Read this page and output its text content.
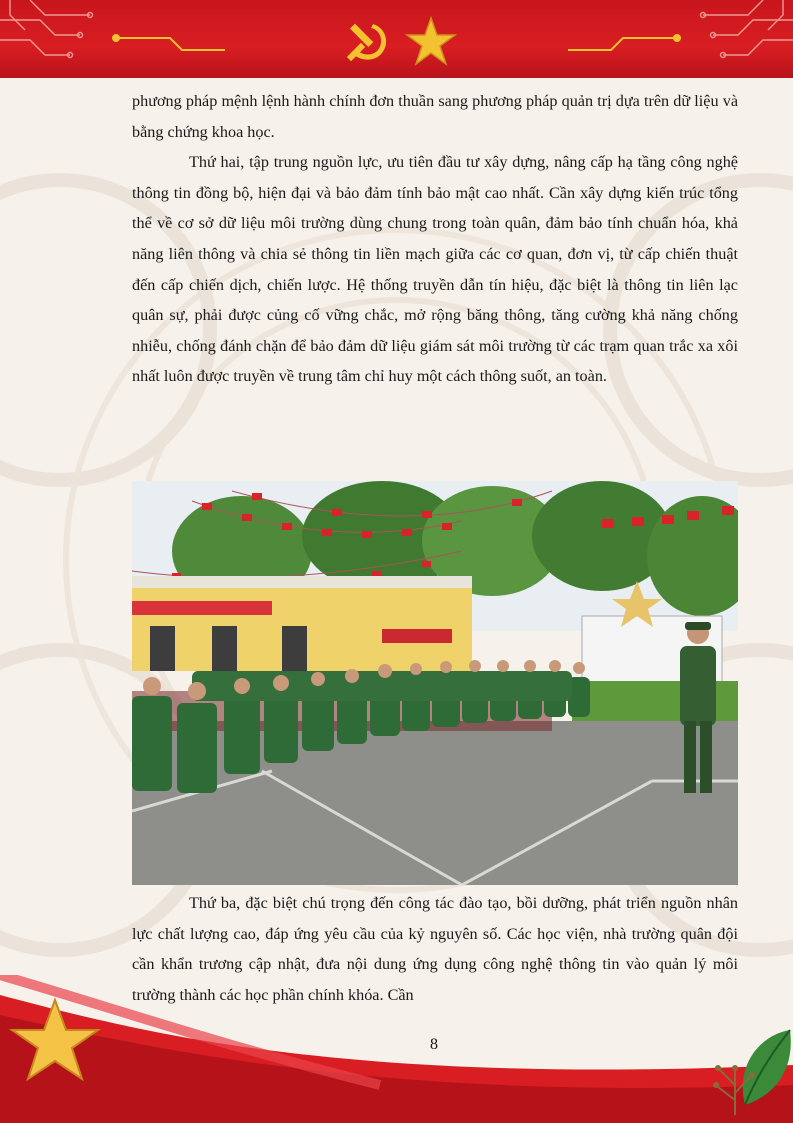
phương pháp mệnh lệnh hành chính đơn thuần sang phương pháp quản trị dựa trên dữ liệu và bằng chứng khoa học.

Thứ hai, tập trung nguồn lực, ưu tiên đầu tư xây dựng, nâng cấp hạ tầng công nghệ thông tin đồng bộ, hiện đại và bảo đảm tính bảo mật cao nhất. Cần xây dựng kiến trúc tổng thể về cơ sở dữ liệu môi trường dùng chung trong toàn quân, đảm bảo tính chuẩn hóa, khả năng liên thông và chia sẻ thông tin liền mạch giữa các cơ quan, đơn vị, từ cấp chiến thuật đến cấp chiến dịch, chiến lược. Hệ thống truyền dẫn tín hiệu, đặc biệt là thông tin liên lạc quân sự, phải được củng cố vững chắc, mở rộng băng thông, tăng cường khả năng chống nhiễu, chống đánh chặn để bảo đảm dữ liệu giám sát môi trường từ các trạm quan trắc xa xôi nhất luôn được truyền về trung tâm chỉ huy một cách thông suốt, an toàn.

Thứ ba, đặc biệt chú trọng đến công tác đào tạo, bồi dưỡng, phát triển nguồn nhân lực chất lượng cao, đáp ứng yêu cầu của kỷ nguyên số. Các học viện, nhà trường quân đội cần khẩn trương cập nhật, đưa nội dung ứng dụng công nghệ thông tin vào quản lý môi trường thành các học phần chính khóa. Cần

8
